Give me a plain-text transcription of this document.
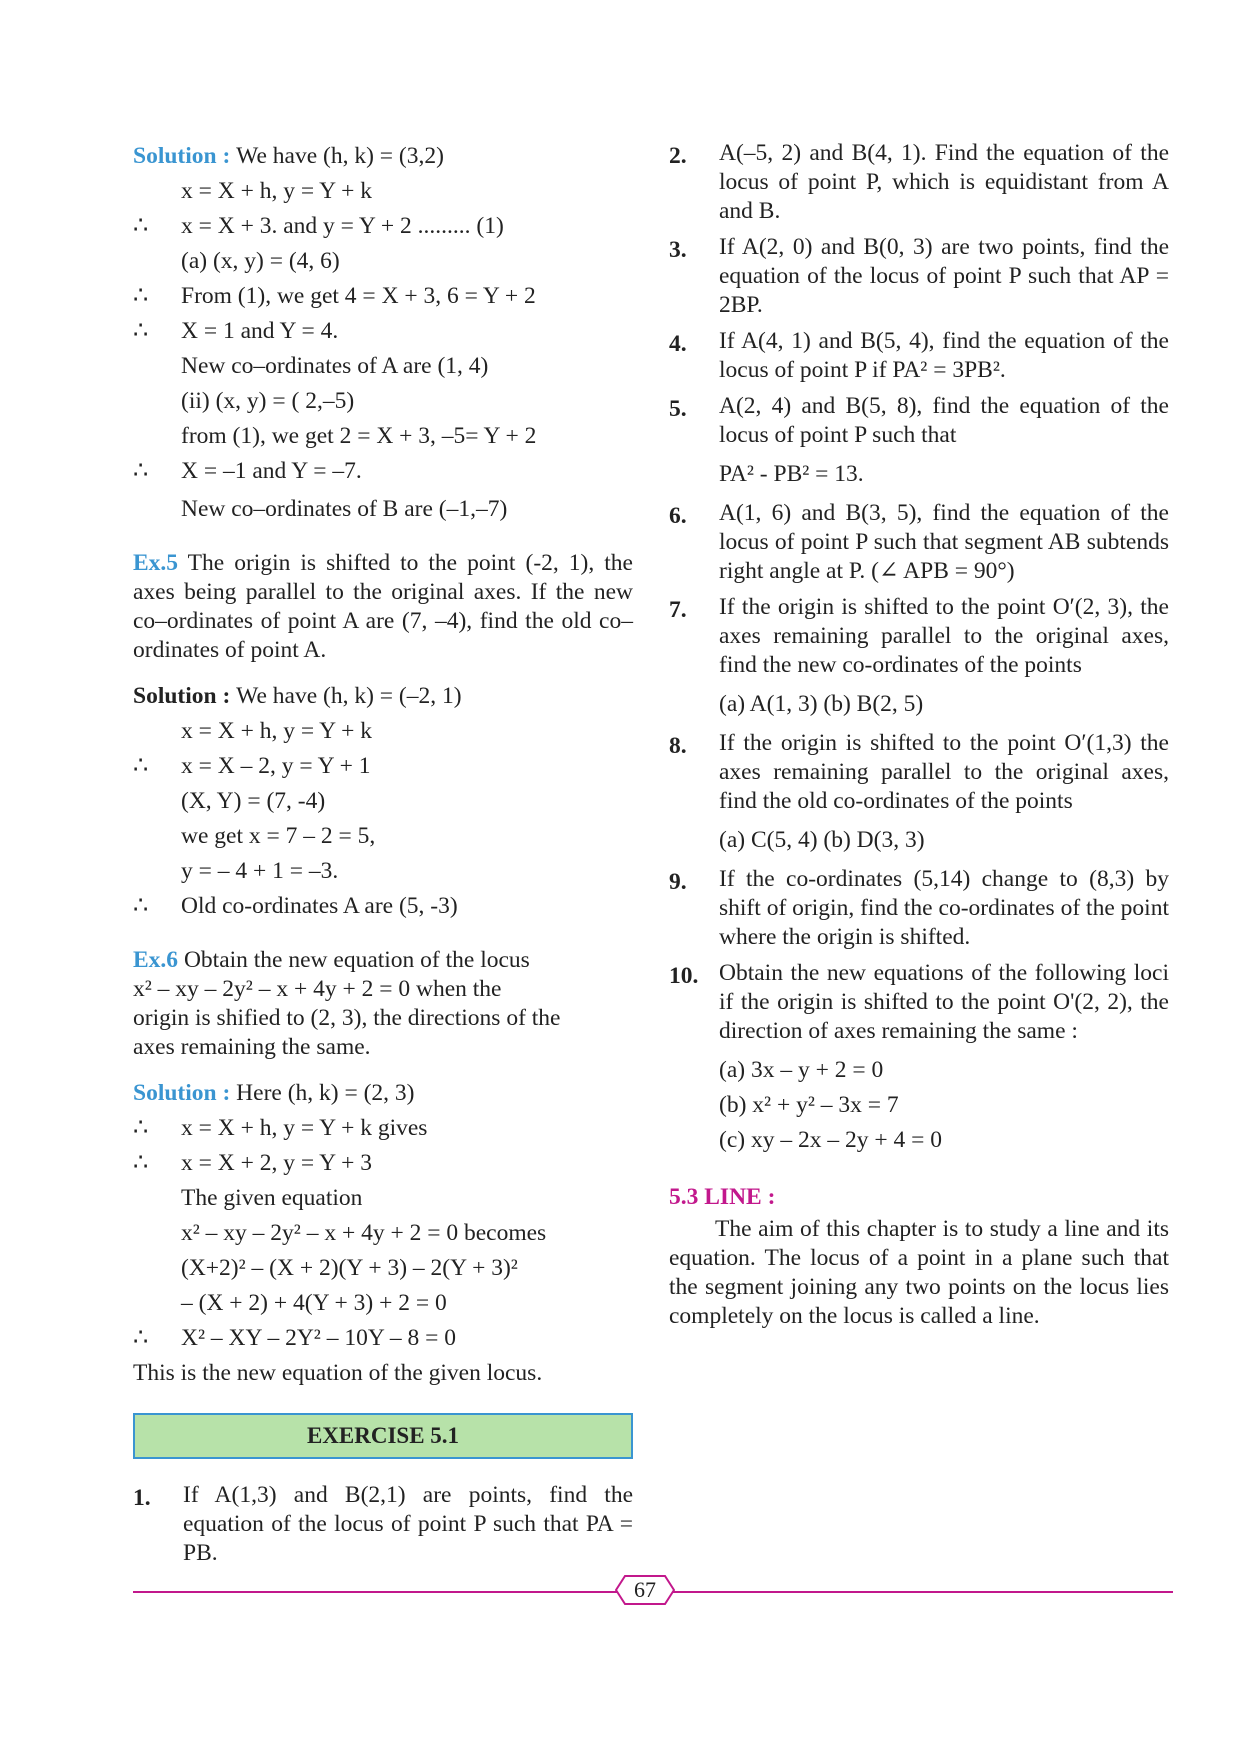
Solution : We have (h, k) = (3,2)
x = X + h, y = Y + k
∴ x = X + 3. and y = Y + 2 ......... (1)
(a) (x, y) = (4, 6)
∴ From (1), we get 4 = X + 3, 6 = Y + 2
∴ X = 1 and Y = 4.
New co–ordinates of A are (1, 4)
(ii) (x, y) = ( 2,–5)
from (1), we get 2 = X + 3, –5= Y + 2
∴ X = –1 and Y = –7.
New co–ordinates of B are (–1,–7)
Ex.5 The origin is shifted to the point (-2, 1), the axes being parallel to the original axes. If the new co–ordinates of point A are (7, –4), find the old co–ordinates of point A.
Solution : We have (h, k) = (–2, 1)
x = X + h, y = Y + k
∴ x = X – 2, y = Y + 1
(X, Y) = (7, -4)
we get x = 7 – 2 = 5,
y = – 4 + 1 = –3.
∴ Old co-ordinates A are (5, -3)
Ex.6 Obtain the new equation of the locus
x² – xy – 2y² – x + 4y + 2 = 0 when the
origin is shified to (2, 3), the directions of the
axes remaining the same.
Solution : Here (h, k) = (2, 3)
∴ x = X + h, y = Y + k gives
∴ x = X + 2, y = Y + 3
The given equation
x² – xy – 2y² – x + 4y + 2 = 0 becomes
(X+2)² – (X + 2)(Y + 3) – 2(Y + 3)²
– (X + 2) + 4(Y + 3) + 2 = 0
∴ X² – XY – 2Y² – 10Y – 8 = 0
This is the new equation of the given locus.
EXERCISE 5.1
1.	If A(1,3) and B(2,1) are points, find the equation of the locus of point P such that PA = PB.
2.	A(–5, 2) and B(4, 1). Find the equation of the locus of point P, which is equidistant from A and B.
3.	If A(2, 0) and B(0, 3) are two points, find the equation of the locus of point P such that AP = 2BP.
4.	If A(4, 1) and B(5, 4), find the equation of the locus of point P if PA² = 3PB².
5.	A(2, 4) and B(5, 8), find the equation of the locus of point P such that
PA² - PB² = 13.
6.	A(1, 6) and B(3, 5), find the equation of the locus of point P such that segment AB subtends right angle at P. (∠ APB = 90°)
7.	If the origin is shifted to the point O′(2, 3), the axes remaining parallel to the original axes, find the new co-ordinates of the points
(a) A(1, 3) (b) B(2, 5)
8.	If the origin is shifted to the point O′(1,3) the axes remaining parallel to the original axes, find the old co-ordinates of the points
(a) C(5, 4) (b) D(3, 3)
9.	If the co-ordinates (5,14) change to (8,3) by shift of origin, find the co-ordinates of the point where the origin is shifted.
10. Obtain the new equations of the following loci if the origin is shifted to the point O'(2, 2), the direction of axes remaining the same :
(a) 3x – y + 2 = 0
(b) x² + y² – 3x = 7
(c) xy – 2x – 2y + 4 = 0
5.3 LINE :
The aim of this chapter is to study a line and its equation. The locus of a point in a plane such that the segment joining any two points on the locus lies completely on the locus is called a line.
67
